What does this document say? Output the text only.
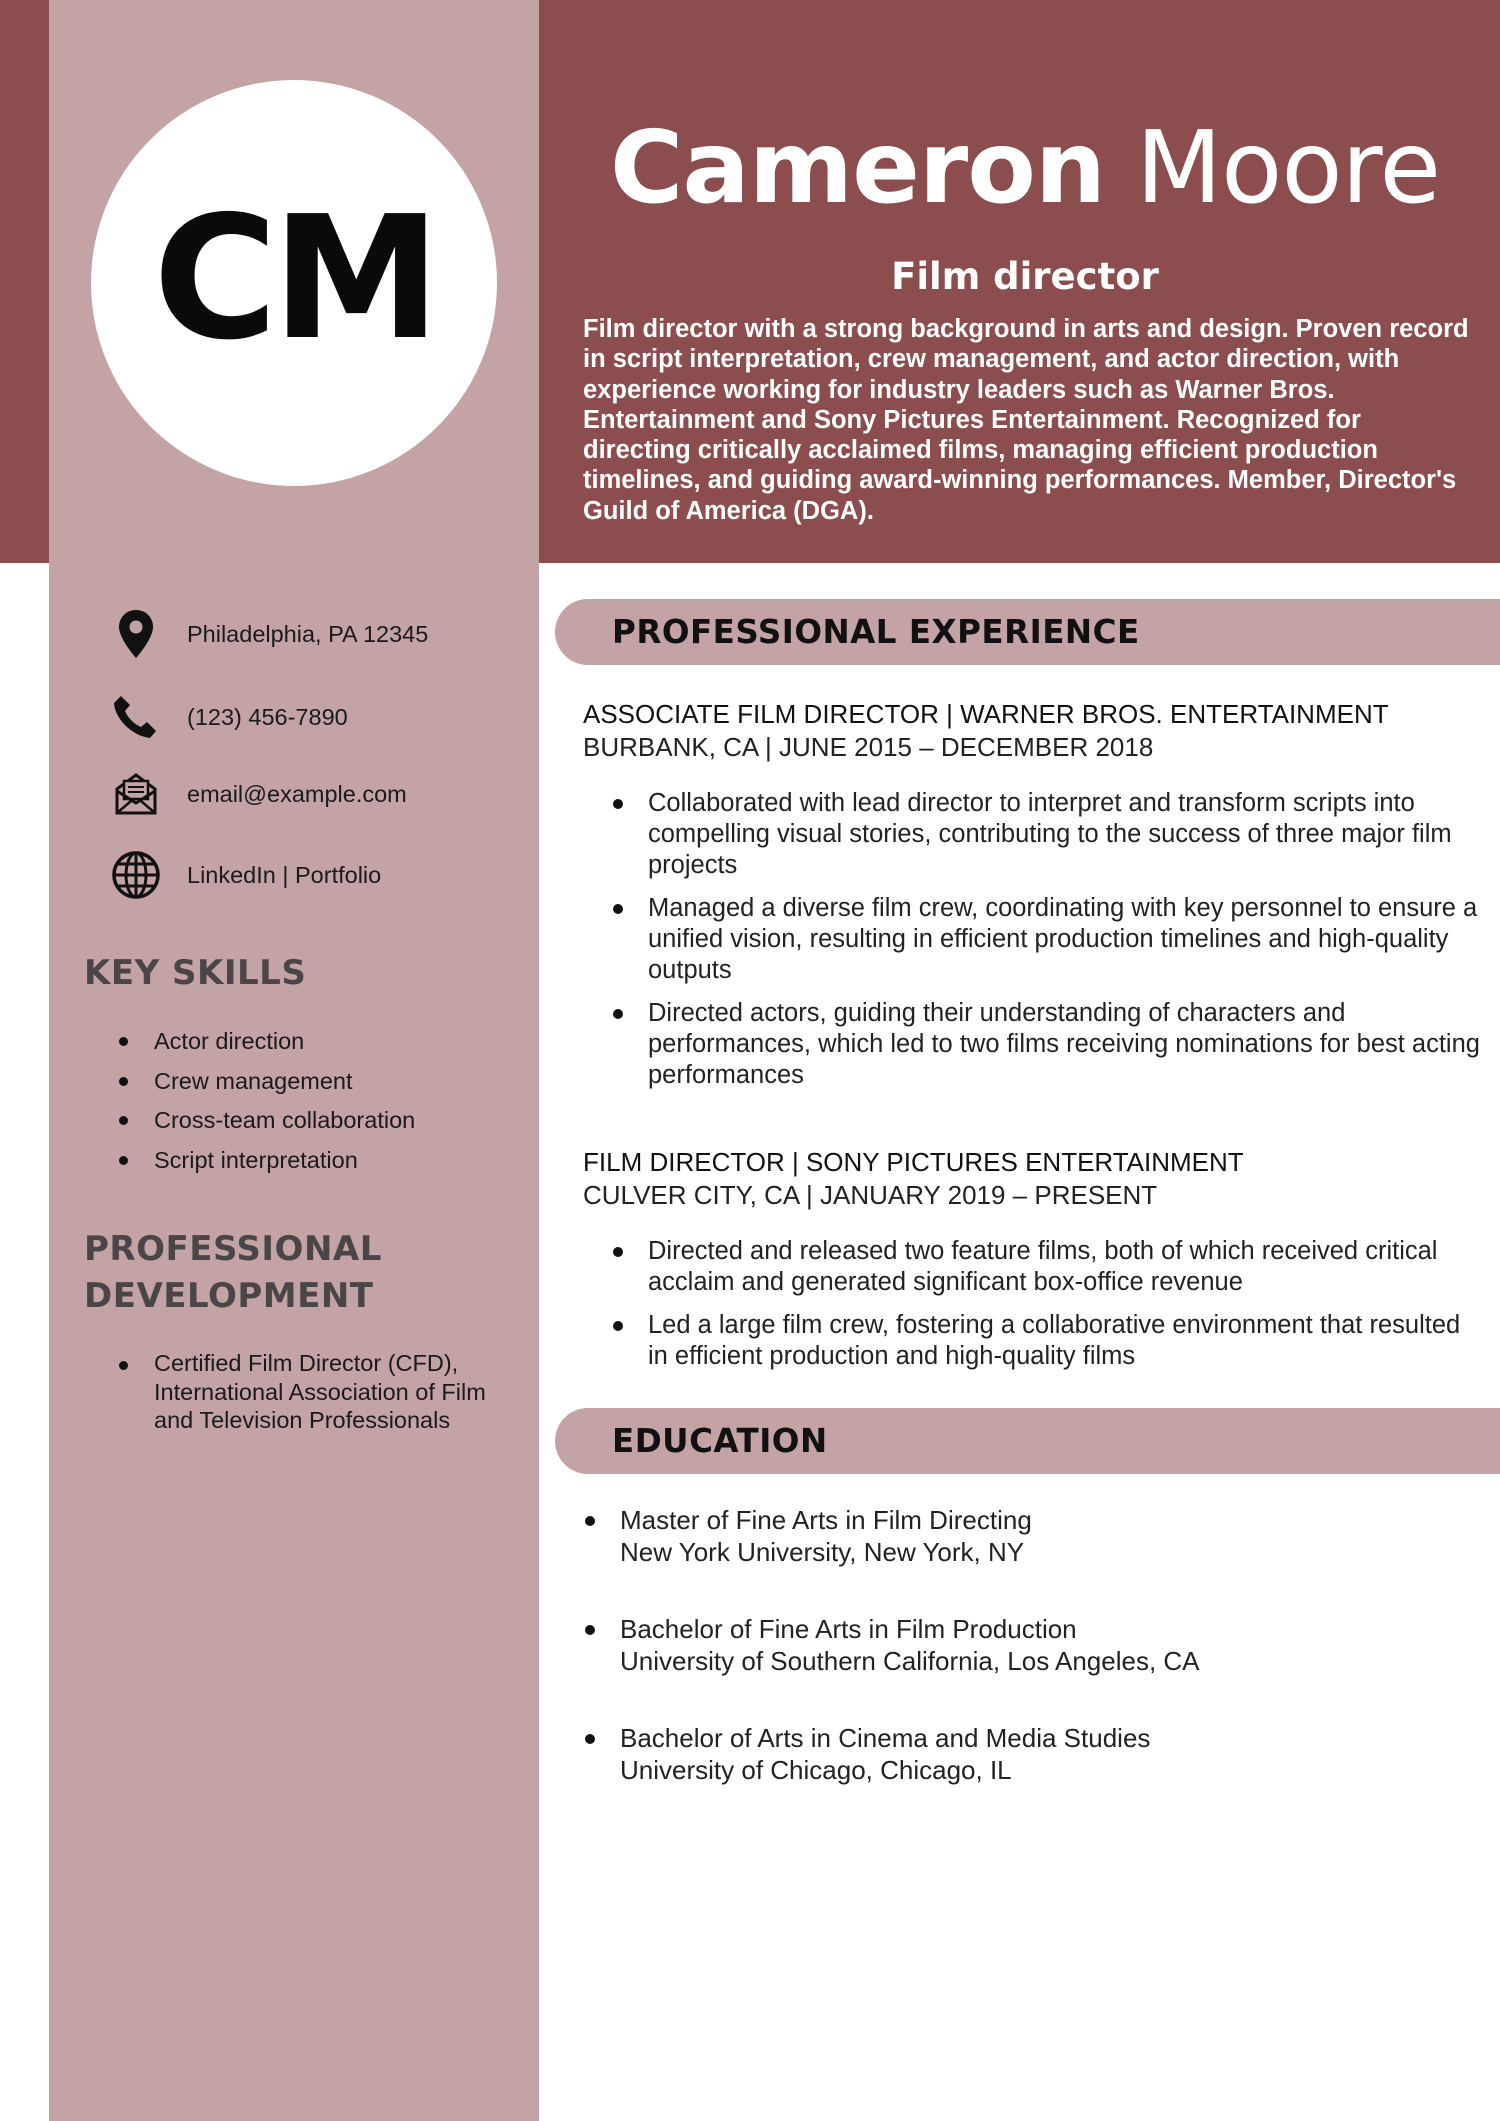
CM
Cameron Moore
Film director

Film director with a strong background in arts and design. Proven record in script interpretation, crew management, and actor direction, with experience working for industry leaders such as Warner Bros. Entertainment and Sony Pictures Entertainment. Recognized for directing critically acclaimed films, managing efficient production timelines, and guiding award-winning performances. Member, Director's Guild of America (DGA).

Philadelphia, PA 12345
(123) 456-7890
email@example.com
LinkedIn | Portfolio
KEY SKILLS
Actor direction
Crew management
Cross-team collaboration
Script interpretation
PROFESSIONAL
DEVELOPMENT
Certified Film Director (CFD), International Association of Film and Television Professionals
PROFESSIONAL EXPERIENCE
ASSOCIATE FILM DIRECTOR | WARNER BROS. ENTERTAINMENT
BURBANK, CA | JUNE 2015 – DECEMBER 2018
Collaborated with lead director to interpret and transform scripts into compelling visual stories, contributing to the success of three major film projects
Managed a diverse film crew, coordinating with key personnel to ensure a unified vision, resulting in efficient production timelines and high-quality outputs
Directed actors, guiding their understanding of characters and performances, which led to two films receiving nominations for best acting performances
FILM DIRECTOR | SONY PICTURES ENTERTAINMENT
CULVER CITY, CA | JANUARY 2019 – PRESENT
Directed and released two feature films, both of which received critical acclaim and generated significant box-office revenue
Led a large film crew, fostering a collaborative environment that resulted in efficient production and high-quality films
EDUCATION
Master of Fine Arts in Film Directing
New York University, New York, NY
Bachelor of Fine Arts in Film Production
University of Southern California, Los Angeles, CA
Bachelor of Arts in Cinema and Media Studies
University of Chicago, Chicago, IL
